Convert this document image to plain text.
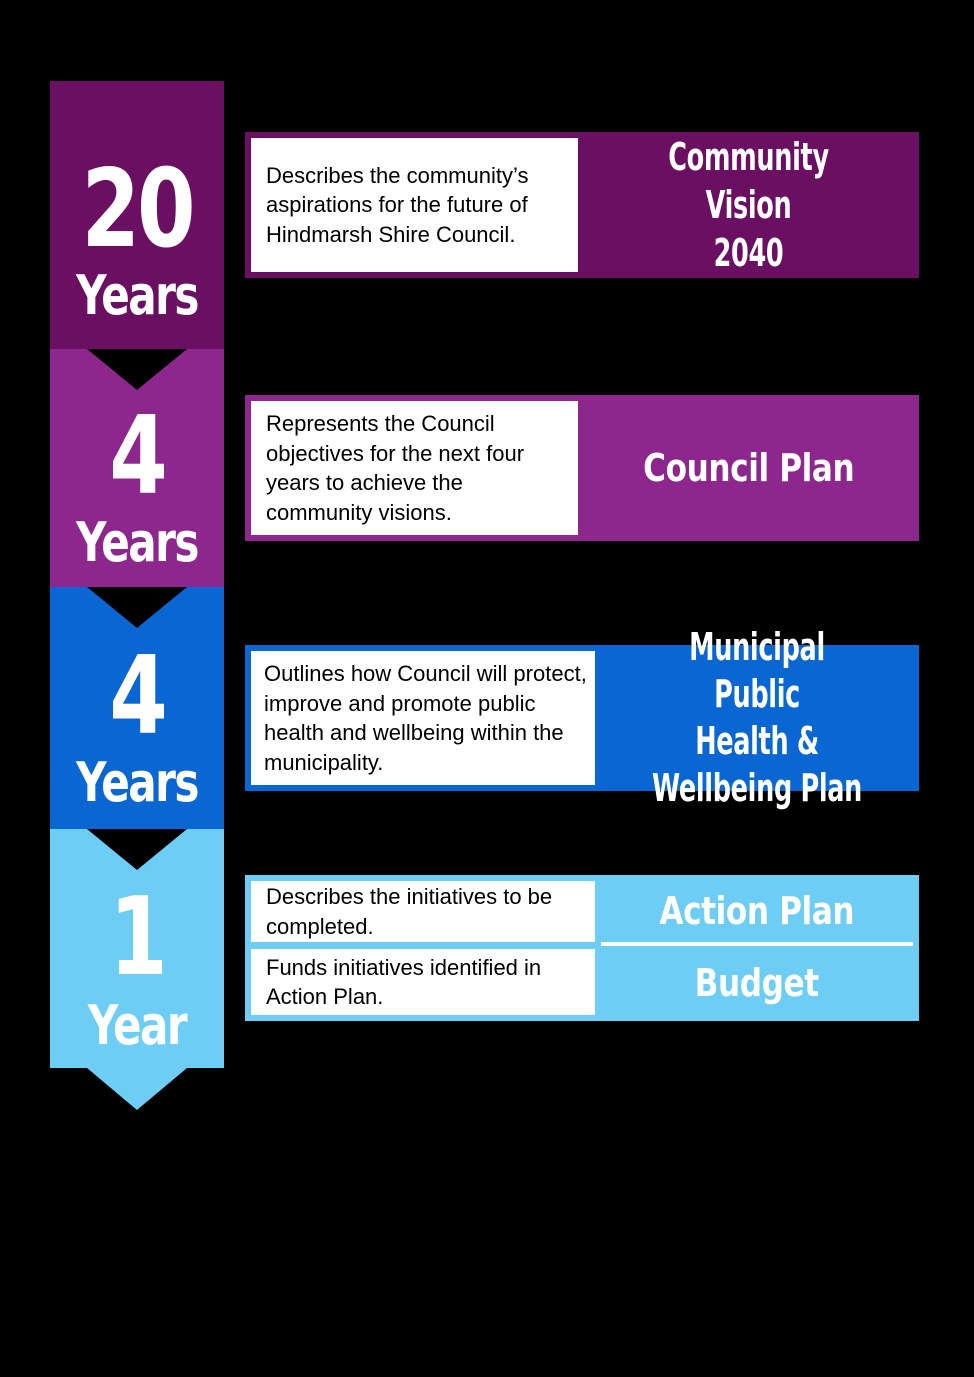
20
Years
4
Years
4
Years
1
Year
Describes the community’s aspirations for the future of Hindmarsh Shire Council.
Community Vision
2040
Represents the Council objectives for the next four years to achieve the community visions.
Council Plan
Outlines how Council will protect, improve and promote public health and wellbeing within the municipality.
Municipal Public
Health &
Wellbeing Plan
Describes the initiatives to be completed.
Funds initiatives identified in Action Plan.
Action Plan
Budget
